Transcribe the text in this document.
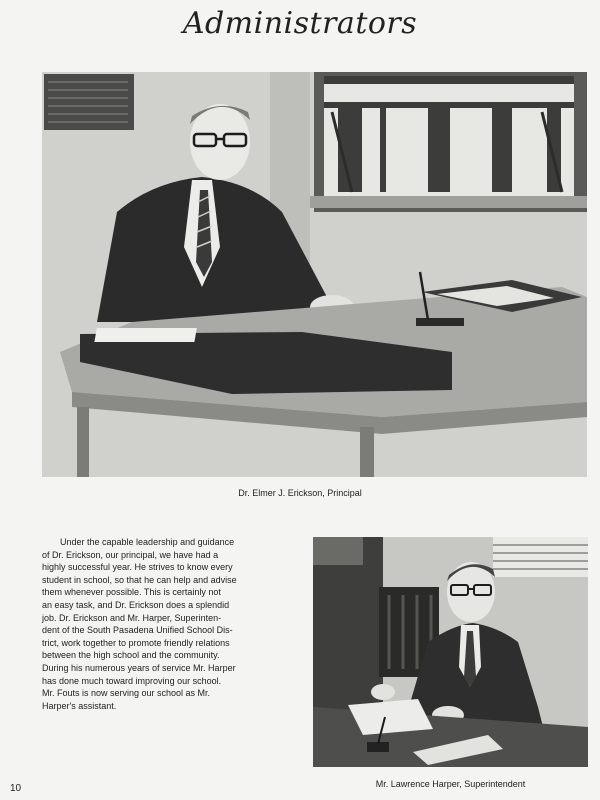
Administrators
Dr. Elmer J. Erickson, Principal
Under the capable leadership and guidance
of Dr. Erickson, our principal, we have had a
highly successful year. He strives to know every
student in school, so that he can help and advise
them whenever possible. This is certainly not
an easy task, and Dr. Erickson does a splendid
job. Dr. Erickson and Mr. Harper, Superinten-
dent of the South Pasadena Unified School Dis-
trict, work together to promote friendly relations
between the high school and the community.
During his numerous years of service Mr. Harper
has done much toward improving our school.
Mr. Fouts is now serving our school as Mr.
Harper's assistant.
Mr. Lawrence Harper, Superintendent
10
